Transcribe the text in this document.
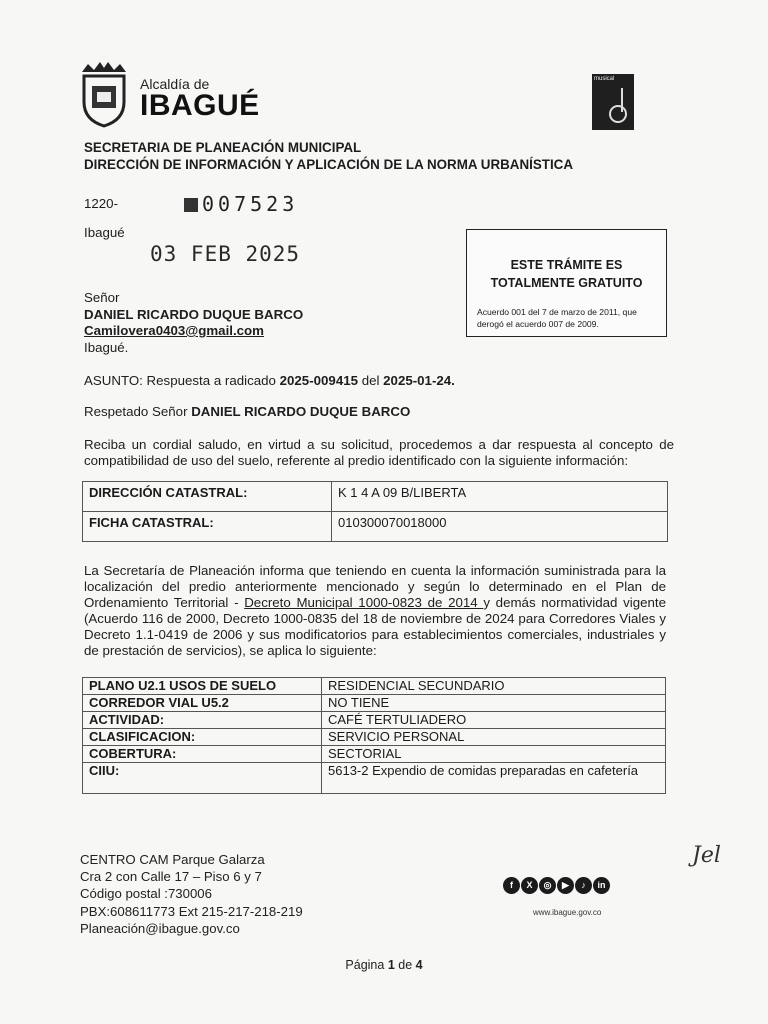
Alcaldía de
IBAGUÉ
musical
SECRETARIA DE PLANEACIÓN MUNICIPAL
DIRECCIÓN DE INFORMACIÓN Y APLICACIÓN DE LA NORMA URBANÍSTICA
1220-	007523
Ibagué
03 FEB 2025	ESTE TRÁMITE ES
TOTALMENTE GRATUITO
Acuerdo 001 del 7 de marzo de 2011, que derogó el acuerdo 007 de 2009.
Señor
DANIEL RICARDO DUQUE BARCO
Camilovera0403@gmail.com
Ibagué.
ASUNTO: Respuesta a radicado 2025-009415 del 2025-01-24.
Respetado Señor DANIEL RICARDO DUQUE BARCO
Reciba un cordial saludo, en virtud a su solicitud, procedemos a dar respuesta al concepto de compatibilidad de uso del suelo, referente al predio identificado con la siguiente información:
DIRECCIÓN CATASTRAL:	K 1 4 A 09 B/LIBERTA
FICHA CATASTRAL:	010300070018000
La Secretaría de Planeación informa que teniendo en cuenta la información suministrada para la localización del predio anteriormente mencionado y según lo determinado en el Plan de Ordenamiento Territorial - Decreto Municipal 1000-0823 de 2014 y demás normatividad vigente (Acuerdo 116 de 2000, Decreto 1000-0835 del 18 de noviembre de 2024 para Corredores Viales y Decreto 1.1-0419 de 2006 y sus modificatorios para establecimientos comerciales, industriales y de prestación de servicios), se aplica lo siguiente:
PLANO U2.1 USOS DE SUELO	RESIDENCIAL SECUNDARIO
CORREDOR VIAL U5.2	NO TIENE
ACTIVIDAD:	CAFÉ TERTULIADERO
CLASIFICACION:	SERVICIO PERSONAL
COBERTURA:	SECTORIAL
CIIU:	5613-2 Expendio de comidas preparadas en cafetería
CENTRO CAM Parque Galarza
Cra 2 con Calle 17 – Piso 6 y 7
Código postal :730006
PBX:608611773 Ext 215-217-218-219
Planeación@ibague.gov.co
f X ◎ ▶ ♪ in
www.ibague.gov.co
Jel
Página 1 de 4
